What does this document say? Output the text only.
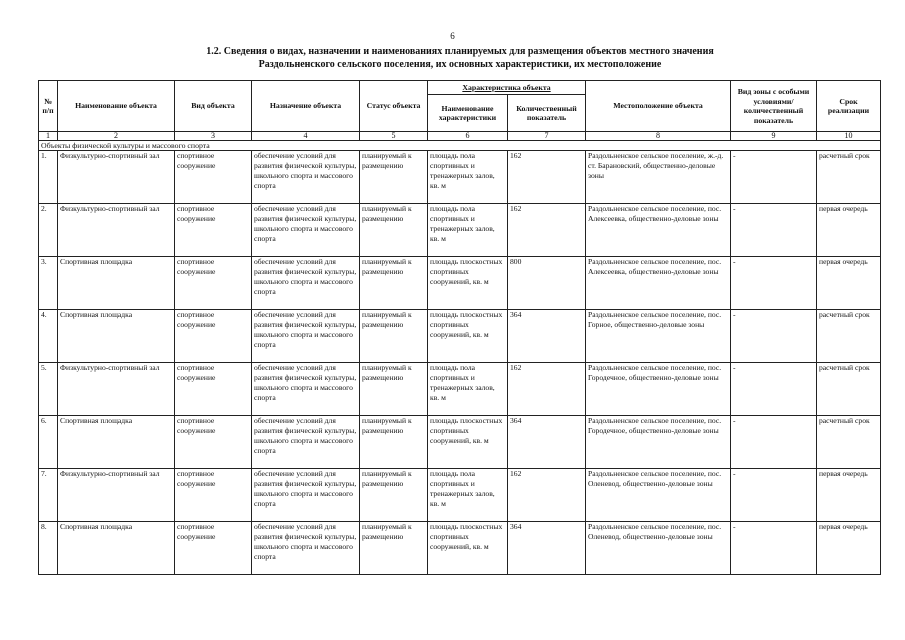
6
1.2. Сведения о видах, назначении и наименованиях планируемых для размещения объектов местного значения
Раздольненского сельского поселения, их основных характеристики, их местоположение
№ п/п	Наименование объекта	Вид объекта	Назначение объекта	Статус объекта	Характеристика объекта		Местоположение объекта	Вид зоны с особыми условиями/ количественный показатель	Срок реализации
					Наименование характеристики	Количественный показатель			
1	2	3	4	5	6	7	8	9	10
Объекты физической культуры и массового спорта									
1.	Физкультурно-спортивный зал	спортивное сооружение	обеспечение условий для развития физической культуры, школьного спорта и массового спорта	планируемый к размещению	площадь пола спортивных и тренажерных залов, кв. м	162	Раздольненское сельское поселение, ж.-д. ст. Барановский, общественно-деловые зоны	-	расчетный срок
2.	Физкультурно-спортивный зал	спортивное сооружение	обеспечение условий для развития физической культуры, школьного спорта и массового спорта	планируемый к размещению	площадь пола спортивных и тренажерных залов, кв. м	162	Раздольненское сельское поселение, пос. Алексеевка, общественно-деловые зоны	-	первая очередь
3.	Спортивная площадка	спортивное сооружение	обеспечение условий для развития физической культуры, школьного спорта и массового спорта	планируемый к размещению	площадь плоскостных спортивных сооружений, кв. м	800	Раздольненское сельское поселение, пос. Алексеевка, общественно-деловые зоны	-	первая очередь
4.	Спортивная площадка	спортивное сооружение	обеспечение условий для развития физической культуры, школьного спорта и массового спорта	планируемый к размещению	площадь плоскостных спортивных сооружений, кв. м	364	Раздольненское сельское поселение, пос. Горное, общественно-деловые зоны	-	расчетный срок
5.	Физкультурно-спортивный зал	спортивное сооружение	обеспечение условий для развития физической культуры, школьного спорта и массового спорта	планируемый к размещению	площадь пола спортивных и тренажерных залов, кв. м	162	Раздольненское сельское поселение, пос. Городечное, общественно-деловые зоны	-	расчетный срок
6.	Спортивная площадка	спортивное сооружение	обеспечение условий для развития физической культуры, школьного спорта и массового спорта	планируемый к размещению	площадь плоскостных спортивных сооружений, кв. м	364	Раздольненское сельское поселение, пос. Городечное, общественно-деловые зоны	-	расчетный срок
7.	Физкультурно-спортивный зал	спортивное сооружение	обеспечение условий для развития физической культуры, школьного спорта и массового спорта	планируемый к размещению	площадь пола спортивных и тренажерных залов, кв. м	162	Раздольненское сельское поселение, пос. Оленевод, общественно-деловые зоны	-	первая очередь
8.	Спортивная площадка	спортивное сооружение	обеспечение условий для развития физической культуры, школьного спорта и массового спорта	планируемый к размещению	площадь плоскостных спортивных сооружений, кв. м	364	Раздольненское сельское поселение, пос. Оленевод, общественно-деловые зоны	-	первая очередь
